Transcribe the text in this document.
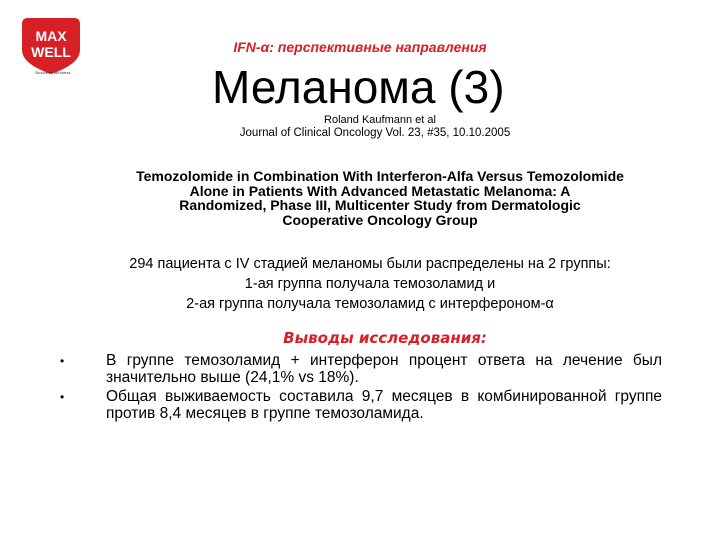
MAX
WELL
Business Wellness
IFN-α: перспективные направления
Меланома (3)
Roland Kaufmann et al
Journal of Clinical Oncology Vol. 23, #35, 10.10.2005
Temozolomide in Combination With Interferon-Alfa Versus Temozolomide
Alone in Patients With Advanced Metastatic Melanoma: A
Randomized, Phase III, Multicenter Study from Dermatologic
Cooperative Oncology Group
294 пациента с IV стадией меланомы были распределены на 2 группы:
1-ая группа получала темозоламид и
2-ая группа получала темозоламид с интерфероном-α
Выводы исследования:
•	В группе темозоламид + интерферон процент ответа на лечение был значительно выше (24,1% vs 18%).
•	Общая выживаемость составила 9,7 месяцев в комбинированной группе против 8,4 месяцев в группе темозоламида.
